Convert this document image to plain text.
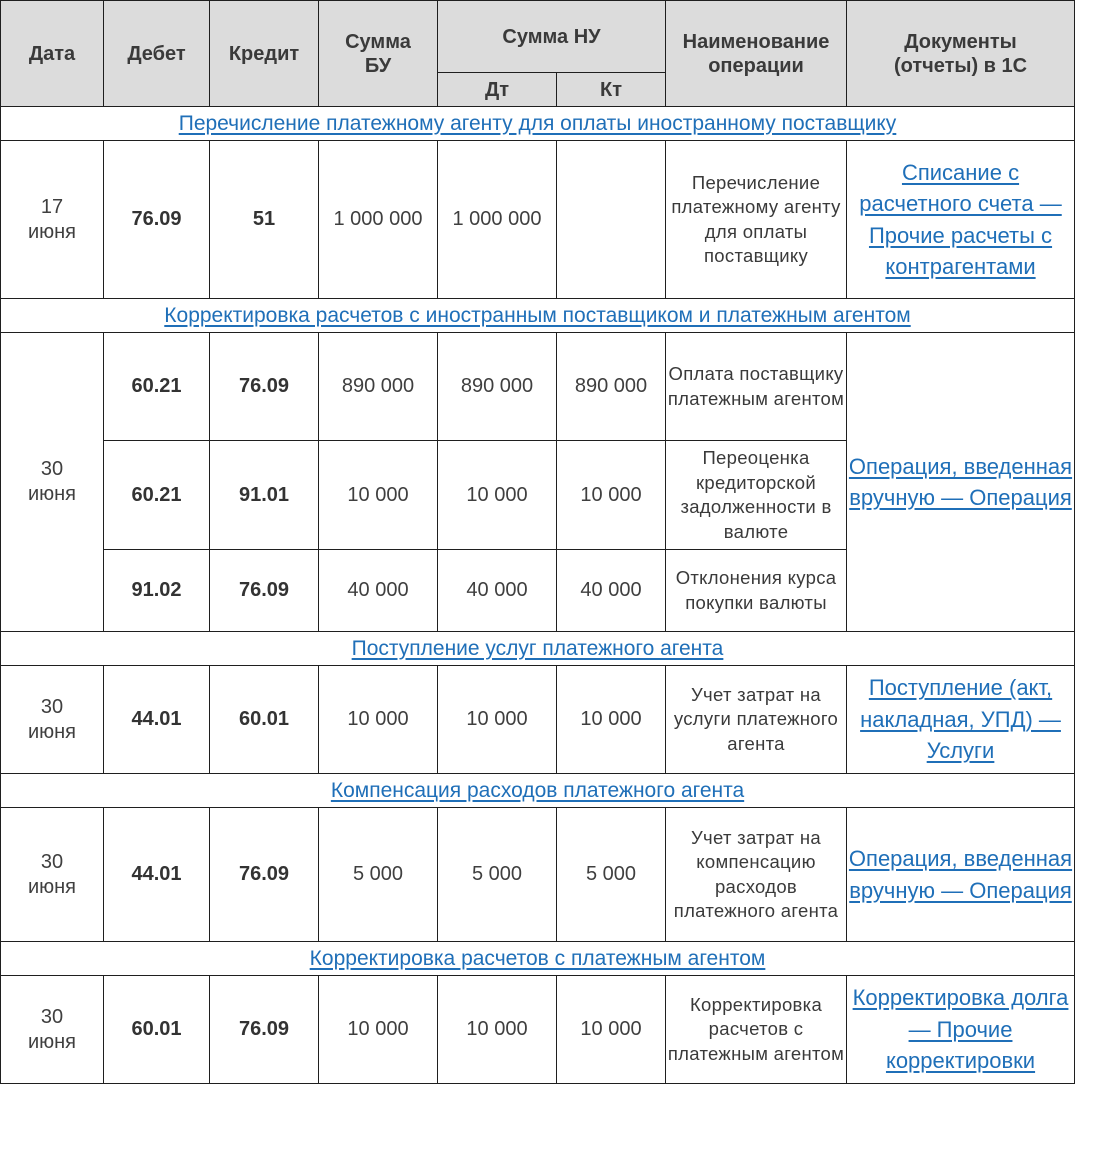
Дата	Дебет	Кредит	Сумма БУ	Сумма НУ		Наименование операции	Документы (отчеты) в 1С

				Дт	Кт		
Перечисление платежному агенту для оплаты иностранному поставщику							
17 июня	76.09	51	1 000 000	1 000 000		Перечисление платежному агенту для оплаты поставщику	Списание с расчетного счета — Прочие расчеты с контрагентами
Корректировка расчетов с иностранным поставщиком и платежным агентом							
30 июня	60.21	76.09	890 000	890 000	890 000	Оплата поставщику платежным агентом	Операция, введенная вручную — Операция
	60.21	91.01	10 000	10 000	10 000	Переоценка кредиторской задолженности в валюте	
	91.02	76.09	40 000	40 000	40 000	Отклонения курса покупки валюты	
Поступление услуг платежного агента							
30 июня	44.01	60.01	10 000	10 000	10 000	Учет затрат на услуги платежного агента	Поступление (акт, накладная, УПД) — Услуги
Компенсация расходов платежного агента							
30 июня	44.01	76.09	5 000	5 000	5 000	Учет затрат на компенсацию расходов платежного агента	Операция, введенная вручную — Операция
Корректировка расчетов с платежным агентом							
30 июня	60.01	76.09	10 000	10 000	10 000	Корректировка расчетов с платежным агентом	Корректировка долга — Прочие корректировки
